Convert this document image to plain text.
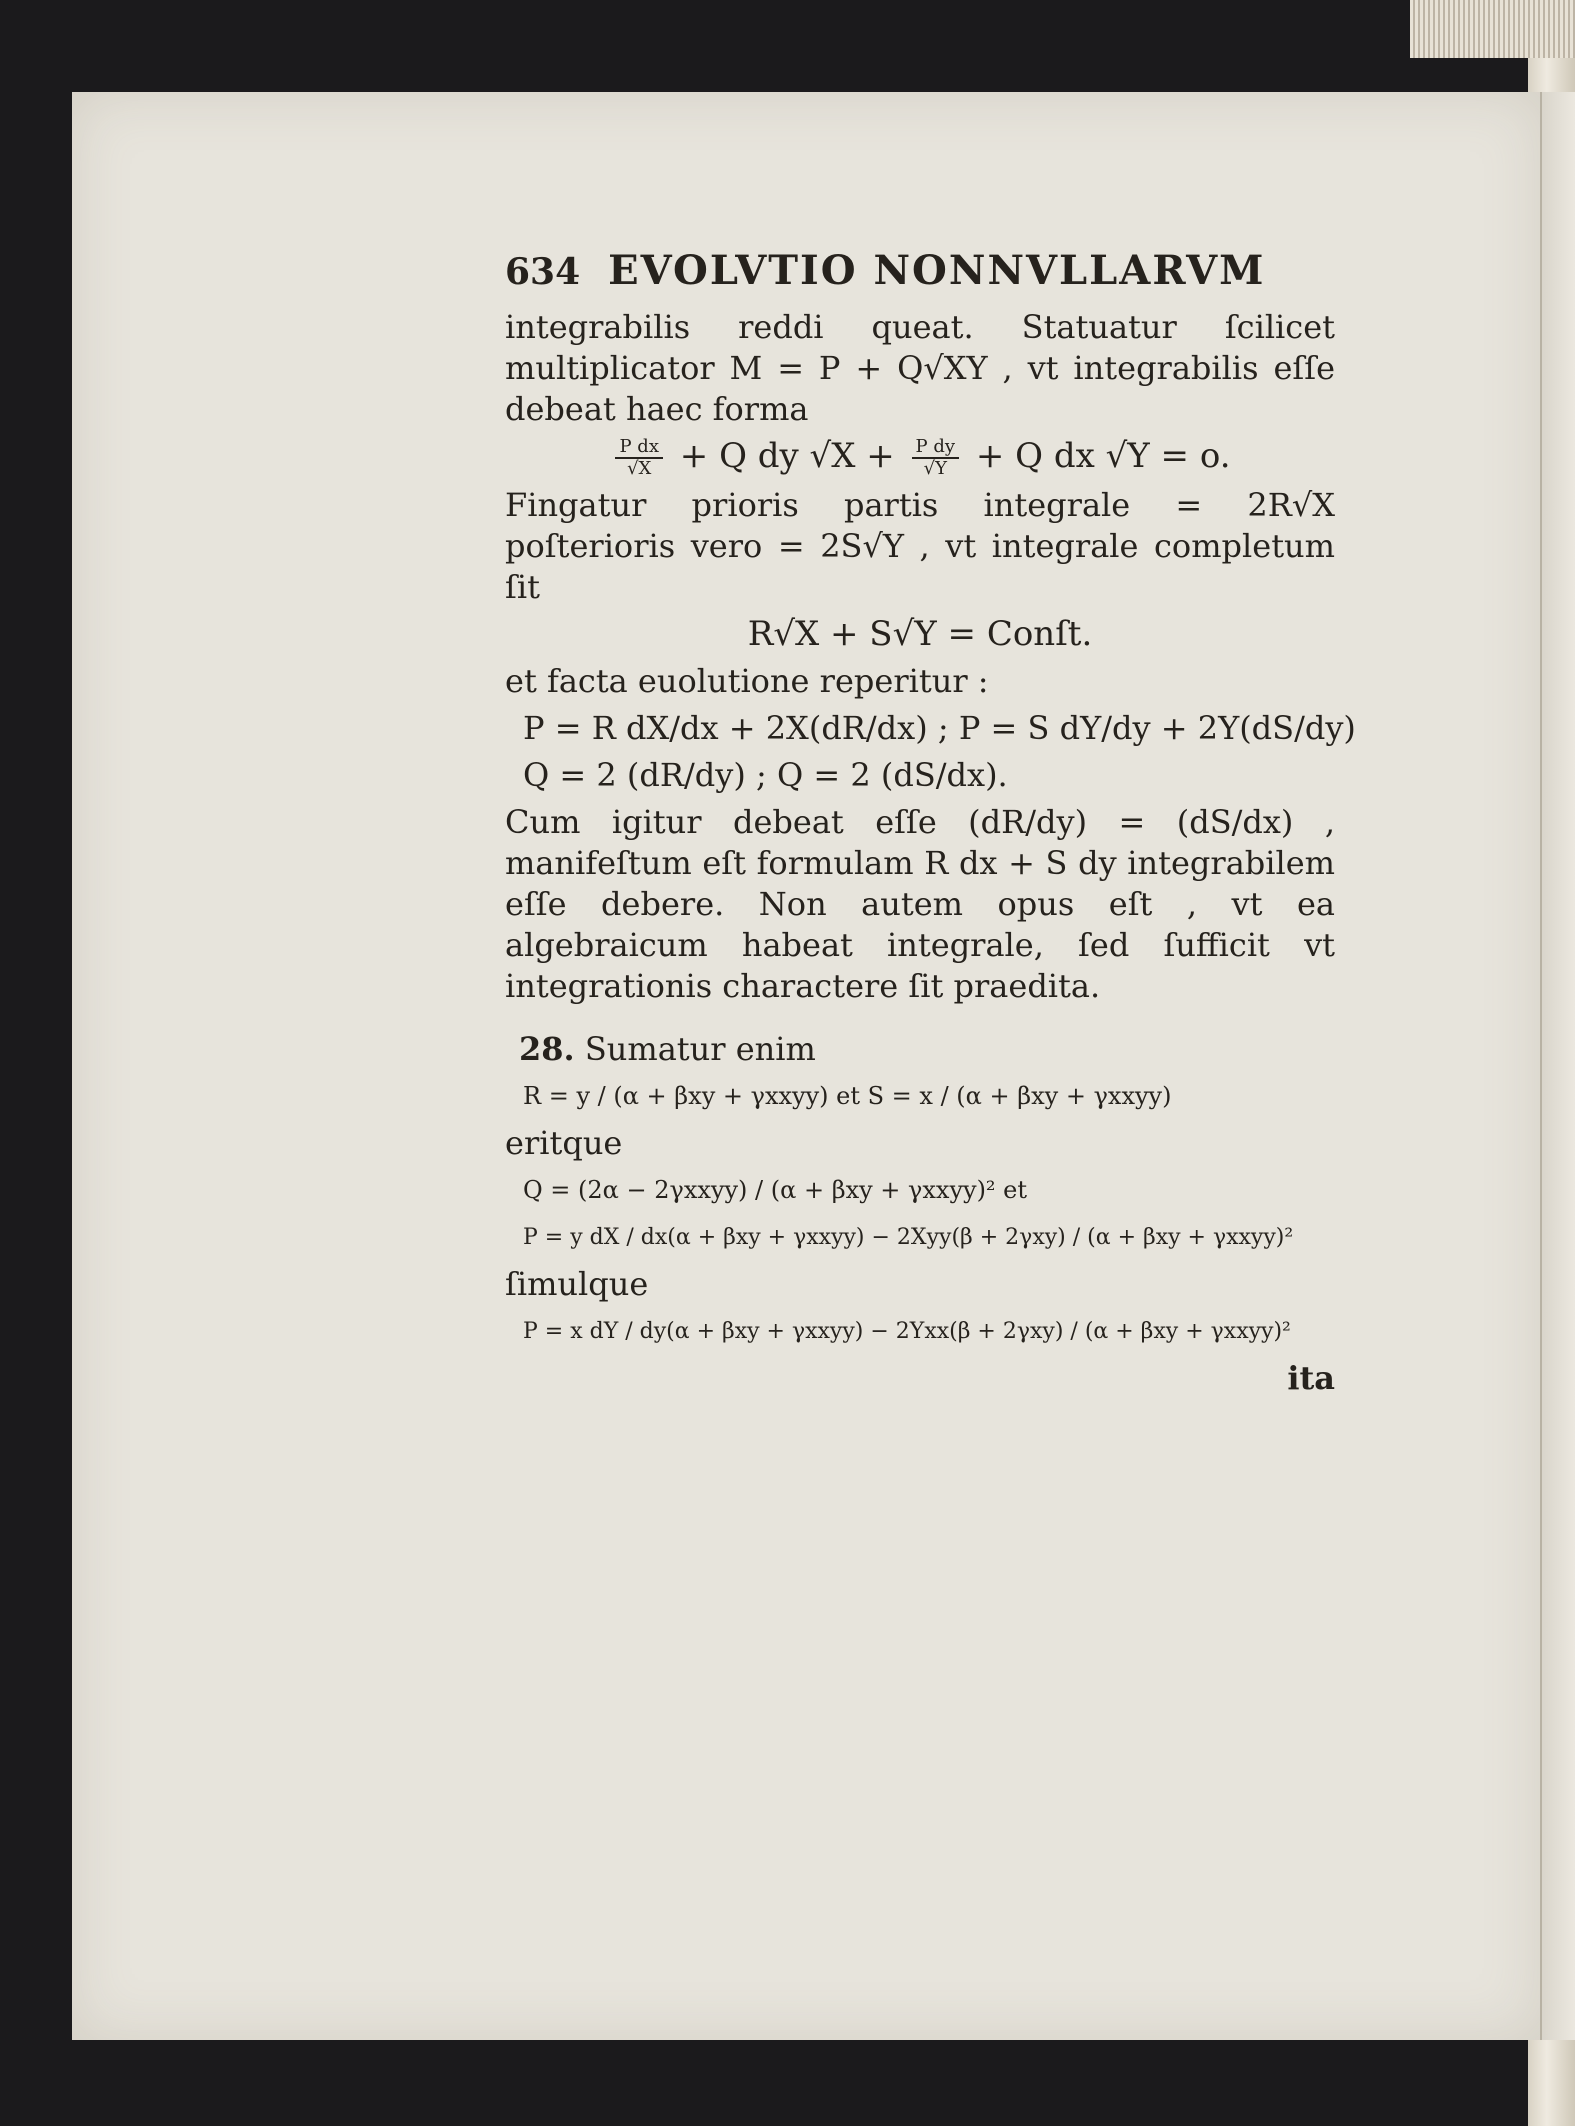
634 EVOLVTIO NONNVLLARVM

integrabilis reddi queat. Statuatur ſcilicet multiplicator M = P + Q√XY , vt integrabilis eſſe debeat haec forma

$\frac{\text{P dx}}{√X} + Q$ dy $√X + \frac{\text{P dy}}{√Y} + Q$ dx √Y = o.

Fingatur prioris partis integrale = 2R√X poſterioris vero = 2S√Y , vt integrale completum ſit

R√X + S√Y = Conſt.

et facta euolutione reperitur :

P = R dX/dx + 2X(dR/dx) ; P = S dY/dy + 2Y(dS/dy)
Q = 2 (dR/dy) ; Q = 2 (dS/dx).

Cum igitur debeat eſſe (dR/dy) = (dS/dx) , manifeſtum eſt formulam R dx + S dy integrabilem eſſe debere. Non autem opus eſt , vt ea algebraicum habeat integrale, ſed ſufficit vt integrationis charactere ſit praedita.

28. Sumatur enim
R = y / (α + βxy + γxxyy) et S = x / (α + βxy + γxxyy)

eritque

Q = (2α − 2γxxyy) / (α + βxy + γxxyy)² et
P = y dX / dx(α + βxy + γxxyy) − 2Xyy(β + 2γxy) / (α + βxy + γxxyy)²

ſimulque

P = x dY / dy(α + βxy + γxxyy) − 2Yxx(β + 2γxy) / (α + βxy + γxxyy)²
ita
